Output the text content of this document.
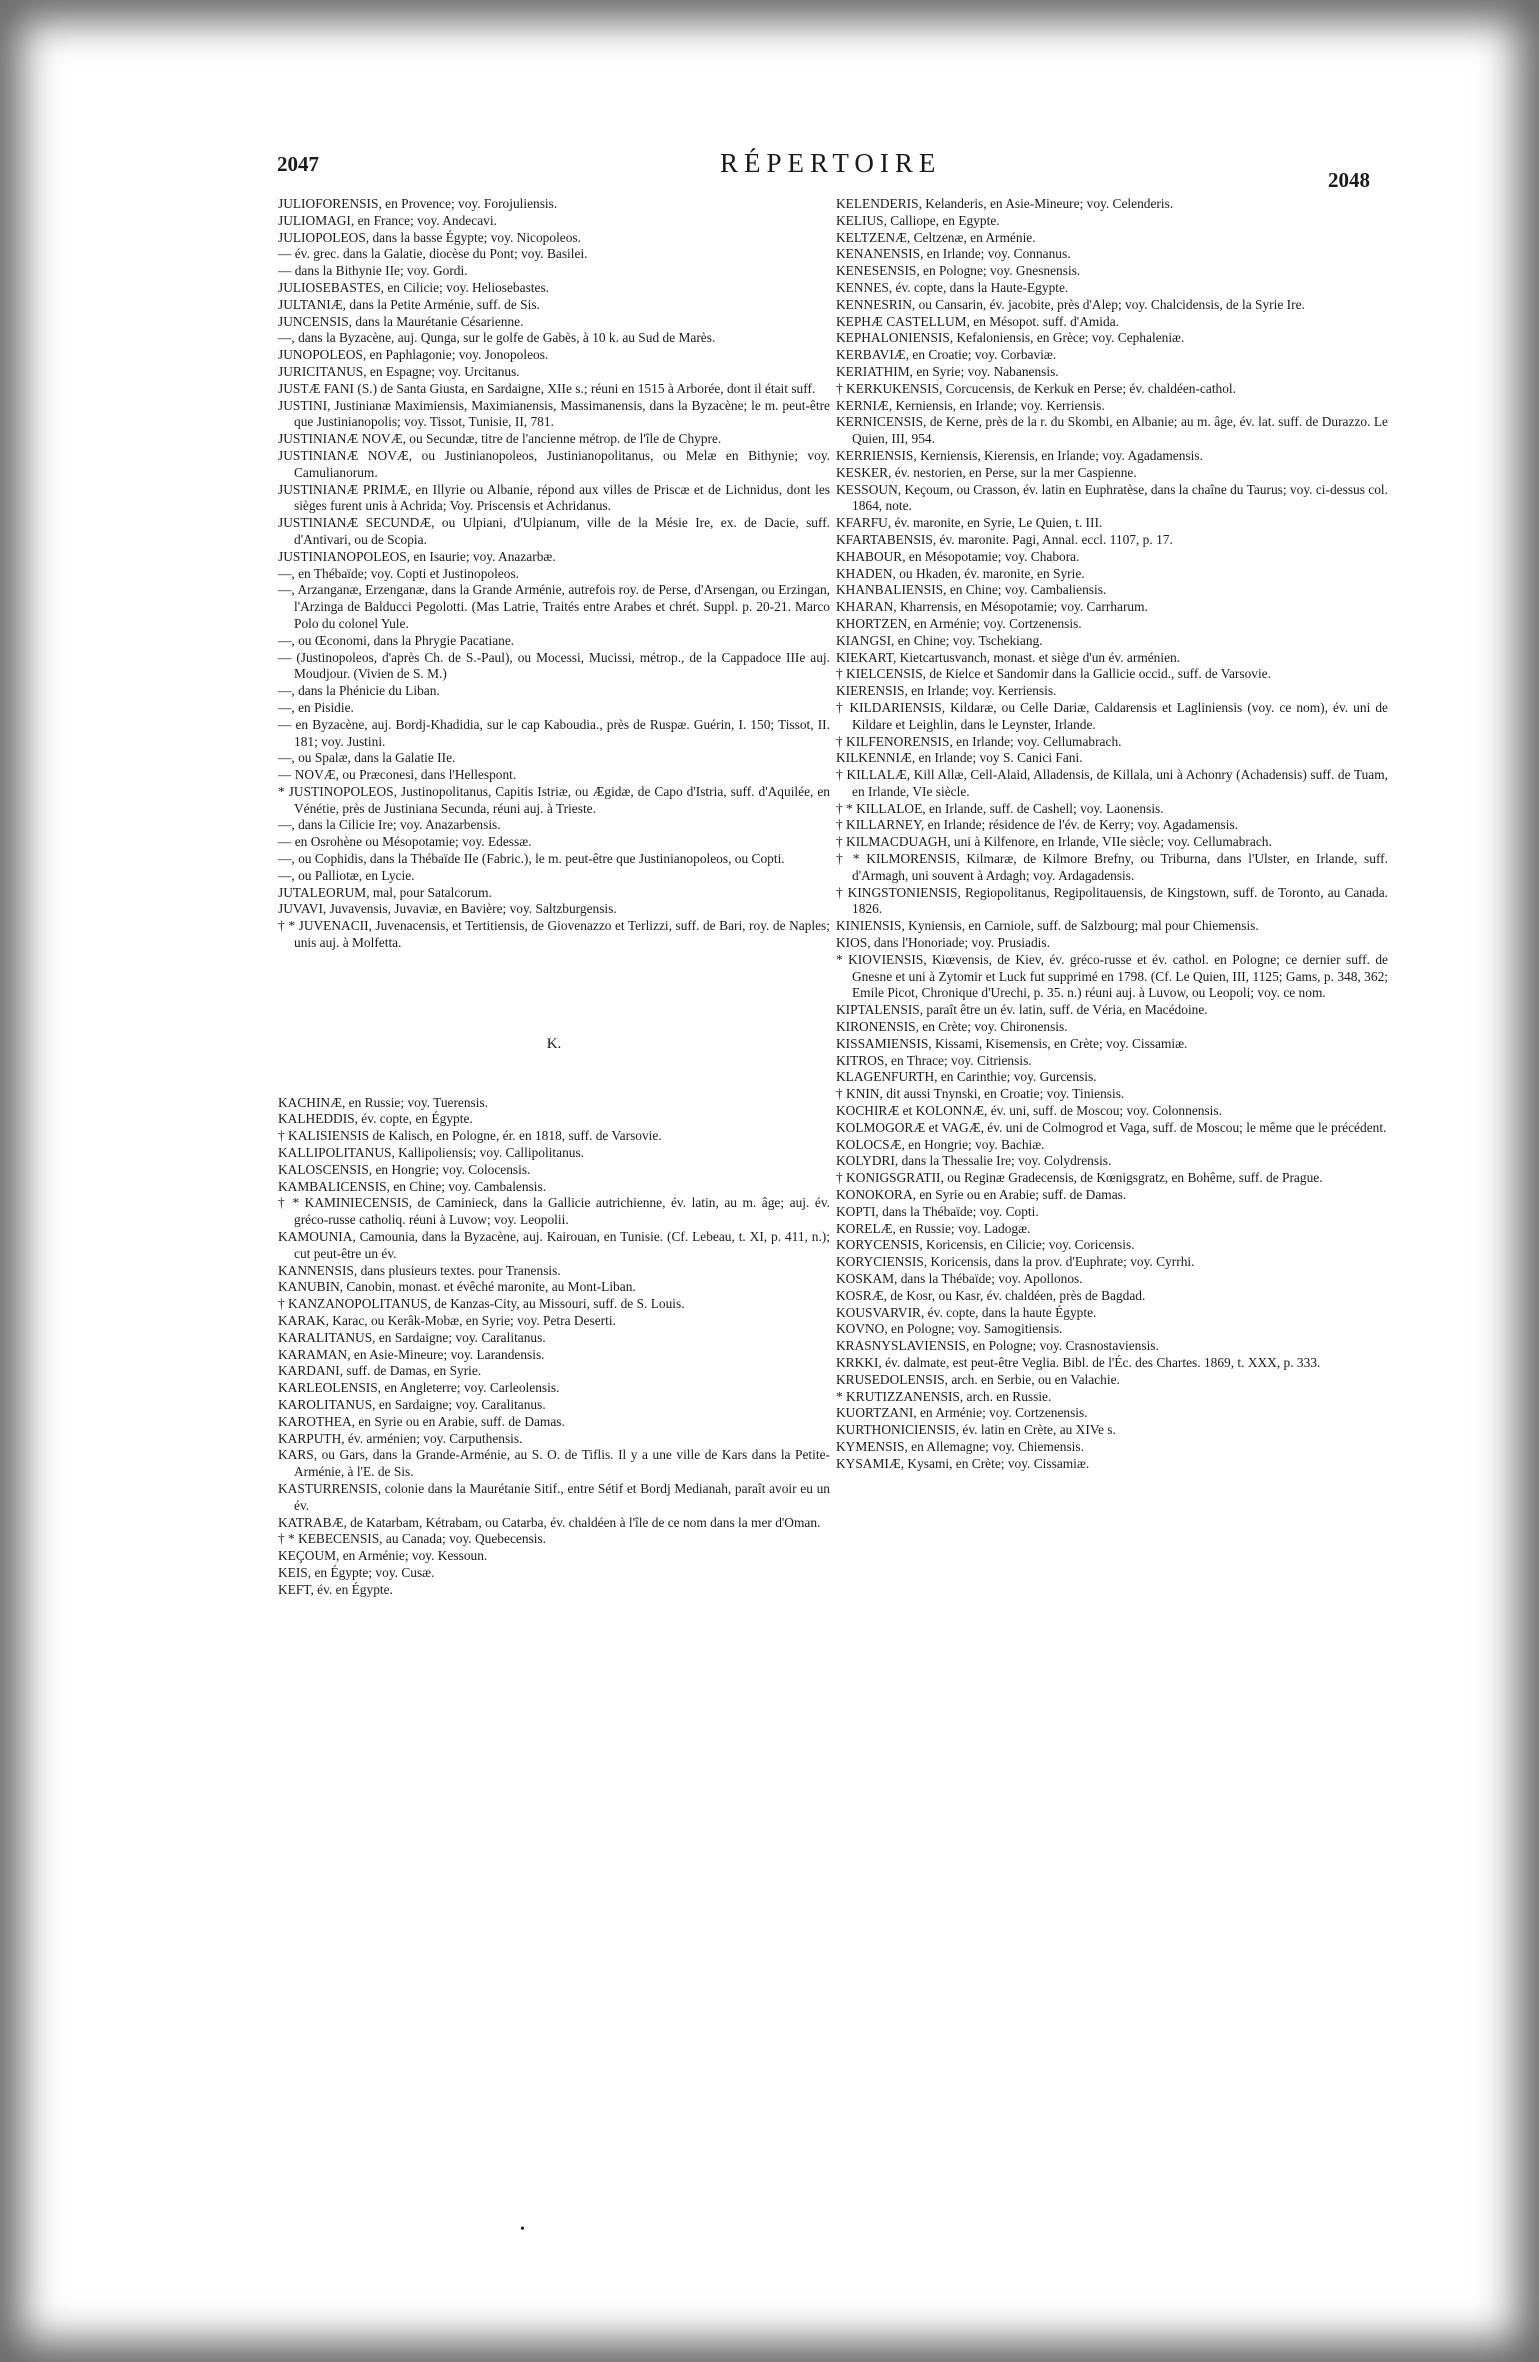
2047	RÉPERTOIRE
2048

JULIOFORENSIS, en Provence; voy. Forojuliensis.

JULIOMAGI, en France; voy. Andecavi.

JULIOPOLEOS, dans la basse Égypte; voy. Nicopoleos.

— év. grec. dans la Galatie, diocèse du Pont; voy. Basilei.

— dans la Bithynie IIe; voy. Gordi.

JULIOSEBASTES, en Cilicie; voy. Heliosebastes.

JULTANIÆ, dans la Petite Arménie, suff. de Sis.

JUNCENSIS, dans la Maurétanie Césarienne.

—, dans la Byzacène, auj. Qunga, sur le golfe de Gabès, à 10 k. au Sud de Marès.

JUNOPOLEOS, en Paphlagonie; voy. Jonopoleos.

JURICITANUS, en Espagne; voy. Urcitanus.

JUSTÆ FANI (S.) de Santa Giusta, en Sardaigne, XIIe s.; réuni en 1515 à Arborée, dont il était suff.

JUSTINI, Justinianæ Maximiensis, Maximianensis, Massimanensis, dans la Byzacène; le m. peut-être que Justinianopolis; voy. Tissot, Tunisie, II, 781.

JUSTINIANÆ NOVÆ, ou Secundæ, titre de l'ancienne métrop. de l'île de Chypre.

JUSTINIANÆ NOVÆ, ou Justinianopoleos, Justinianopolitanus, ou Melæ en Bithynie; voy. Camulianorum.

JUSTINIANÆ PRIMÆ, en Illyrie ou Albanie, répond aux villes de Priscæ et de Lichnidus, dont les sièges furent unis à Achrida; Voy. Priscensis et Achridanus.

JUSTINIANÆ SECUNDÆ, ou Ulpiani, d'Ulpianum, ville de la Mésie Ire, ex. de Dacie, suff. d'Antivari, ou de Scopia.

JUSTINIANOPOLEOS, en Isaurie; voy. Anazarbæ.

—, en Thébaïde; voy. Copti et Justinopoleos.

—, Arzanganæ, Erzenganæ, dans la Grande Arménie, autrefois roy. de Perse, d'Arsengan, ou Erzingan, l'Arzinga de Balducci Pegolotti. (Mas Latrie, Traités entre Arabes et chrét. Suppl. p. 20-21. Marco Polo du colonel Yule.

—, ou Œconomi, dans la Phrygie Pacatiane.

— (Justinopoleos, d'après Ch. de S.-Paul), ou Mocessi, Mucissi, métrop., de la Cappadoce IIIe auj. Moudjour. (Vivien de S. M.)

—, dans la Phénicie du Liban.

—, en Pisidie.

— en Byzacène, auj. Bordj-Khadidia, sur le cap Kaboudia., près de Ruspæ. Guérin, I. 150; Tissot, II. 181; voy. Justini.

—, ou Spalæ, dans la Galatie IIe.

— NOVÆ, ou Præconesi, dans l'Hellespont.

* JUSTINOPOLEOS, Justinopolitanus, Capitis Istriæ, ou Ægidæ, de Capo d'Istria, suff. d'Aquilée, en Vénétie, près de Justiniana Secunda, réuni auj. à Trieste.

—, dans la Cilicie Ire; voy. Anazarbensis.

— en Osrohène ou Mésopotamie; voy. Edessæ.

—, ou Cophidis, dans la Thébaïde IIe (Fabric.), le m. peut-être que Justinianopoleos, ou Copti.

—, ou Palliotæ, en Lycie.

JUTALEORUM, mal, pour Satalcorum.

JUVAVI, Juvavensis, Juvaviæ, en Bavière; voy. Saltzburgensis.

† * JUVENACII, Juvenacensis, et Tertitiensis, de Giovenazzo et Terlizzi, suff. de Bari, roy. de Naples; unis auj. à Molfetta.

K.

KACHINÆ, en Russie; voy. Tuerensis.

KALHEDDIS, év. copte, en Égypte.

† KALISIENSIS de Kalisch, en Pologne, ér. en 1818, suff. de Varsovie.

KALLIPOLITANUS, Kallipoliensis; voy. Callipolitanus.

KALOSCENSIS, en Hongrie; voy. Colocensis.

KAMBALICENSIS, en Chine; voy. Cambalensis.

† * KAMINIECENSIS, de Caminieck, dans la Gallicie autrichienne, év. latin, au m. âge; auj. év. gréco-russe catholiq. réuni à Luvow; voy. Leopolii.

KAMOUNIA, Camounia, dans la Byzacène, auj. Kairouan, en Tunisie. (Cf. Lebeau, t. XI, p. 411, n.); cut peut-être un év.

KANNENSIS, dans plusieurs textes. pour Tranensis.

KANUBIN, Canobin, monast. et évêché maronite, au Mont-Liban.

† KANZANOPOLITANUS, de Kanzas-City, au Missouri, suff. de S. Louis.

KARAK, Karac, ou Kerâk-Mobæ, en Syrie; voy. Petra Deserti.

KARALITANUS, en Sardaigne; voy. Caralitanus.

KARAMAN, en Asie-Mineure; voy. Larandensis.

KARDANI, suff. de Damas, en Syrie.

KARLEOLENSIS, en Angleterre; voy. Carleolensis.

KAROLITANUS, en Sardaigne; voy. Caralitanus.

KAROTHEA, en Syrie ou en Arabie, suff. de Damas.

KARPUTH, év. arménien; voy. Carputhensis.

KARS, ou Gars, dans la Grande-Arménie, au S. O. de Tiflis. Il y a une ville de Kars dans la Petite-Arménie, à l'E. de Sis.

KASTURRENSIS, colonie dans la Maurétanie Sitif., entre Sétif et Bordj Medianah, paraît avoir eu un év.

KATRABÆ, de Katarbam, Kétrabam, ou Catarba, év. chaldéen à l'île de ce nom dans la mer d'Oman.

† * KEBECENSIS, au Canada; voy. Quebecensis.

KEÇOUM, en Arménie; voy. Kessoun.

KEIS, en Égypte; voy. Cusæ.

KEFT, év. en Égypte.

KELENDERIS, Kelanderis, en Asie-Mineure; voy. Celenderis.

KELIUS, Calliope, en Egypte.

KELTZENÆ, Celtzenæ, en Arménie.

KENANENSIS, en Irlande; voy. Connanus.

KENESENSIS, en Pologne; voy. Gnesnensis.

KENNES, év. copte, dans la Haute-Egypte.

KENNESRIN, ou Cansarin, év. jacobite, près d'Alep; voy. Chalcidensis, de la Syrie Ire.

KEPHÆ CASTELLUM, en Mésopot. suff. d'Amida.

KEPHALONIENSIS, Kefaloniensis, en Grèce; voy. Cephaleniæ.

KERBAVIÆ, en Croatie; voy. Corbaviæ.

KERIATHIM, en Syrie; voy. Nabanensis.

† KERKUKENSIS, Corcucensis, de Kerkuk en Perse; év. chaldéen-cathol.

KERNIÆ, Kerniensis, en Irlande; voy. Kerriensis.

KERNICENSIS, de Kerne, près de la r. du Skombi, en Albanie; au m. âge, év. lat. suff. de Durazzo. Le Quien, III, 954.

KERRIENSIS, Kerniensis, Kierensis, en Irlande; voy. Agadamensis.

KESKER, év. nestorien, en Perse, sur la mer Caspienne.

KESSOUN, Keçoum, ou Crasson, év. latin en Euphratèse, dans la chaîne du Taurus; voy. ci-dessus col. 1864, note.

KFARFU, év. maronite, en Syrie, Le Quien, t. III.

KFARTABENSIS, év. maronite. Pagi, Annal. eccl. 1107, p. 17.

KHABOUR, en Mésopotamie; voy. Chabora.

KHADEN, ou Hkaden, év. maronite, en Syrie.

KHANBALIENSIS, en Chine; voy. Cambaliensis.

KHARAN, Kharrensis, en Mésopotamie; voy. Carrharum.

KHORTZEN, en Arménie; voy. Cortzenensis.

KIANGSI, en Chine; voy. Tschekiang.

KIEKART, Kietcartusvanch, monast. et siège d'un év. arménien.

† KIELCENSIS, de Kielce et Sandomir dans la Gallicie occid., suff. de Varsovie.

KIERENSIS, en Irlande; voy. Kerriensis.

† KILDARIENSIS, Kildaræ, ou Celle Dariæ, Caldarensis et Lagliniensis (voy. ce nom), év. uni de Kildare et Leighlin, dans le Leynster, Irlande.

† KILFENORENSIS, en Irlande; voy. Cellumabrach.

KILKENNIÆ, en Irlande; voy S. Canici Fani.

† KILLALÆ, Kill Allæ, Cell-Alaid, Alladensis, de Killala, uni à Achonry (Achadensis) suff. de Tuam, en Irlande, VIe siècle.

† * KILLALOE, en Irlande, suff. de Cashell; voy. Laonensis.

† KILLARNEY, en Irlande; résidence de l'év. de Kerry; voy. Agadamensis.

† KILMACDUAGH, uni à Kilfenore, en Irlande, VIIe siècle; voy. Cellumabrach.

† * KILMORENSIS, Kilmaræ, de Kilmore Brefny, ou Triburna, dans l'Ulster, en Irlande, suff. d'Armagh, uni souvent à Ardagh; voy. Ardagadensis.

† KINGSTONIENSIS, Regiopolitanus, Regipolitauensis, de Kingstown, suff. de Toronto, au Canada. 1826.

KINIENSIS, Kyniensis, en Carniole, suff. de Salzbourg; mal pour Chiemensis.

KIOS, dans l'Honoriade; voy. Prusiadis.

* KIOVIENSIS, Kiœvensis, de Kiev, év. gréco-russe et év. cathol. en Pologne; ce dernier suff. de Gnesne et uni à Zytomir et Luck fut supprimé en 1798. (Cf. Le Quien, III, 1125; Gams, p. 348, 362; Emile Picot, Chronique d'Urechi, p. 35. n.) réuni auj. à Luvow, ou Leopoli; voy. ce nom.

KIPTALENSIS, paraît être un év. latin, suff. de Véria, en Macédoine.

KIRONENSIS, en Crète; voy. Chironensis.

KISSAMIENSIS, Kissami, Kisemensis, en Crète; voy. Cissamiæ.

KITROS, en Thrace; voy. Citriensis.

KLAGENFURTH, en Carinthie; voy. Gurcensis.

† KNIN, dit aussi Tnynski, en Croatie; voy. Tiniensis.

KOCHIRÆ et KOLONNÆ, év. uni, suff. de Moscou; voy. Colonnensis.

KOLMOGORÆ et VAGÆ, év. uni de Colmogrod et Vaga, suff. de Moscou; le même que le précédent.

KOLOCSÆ, en Hongrie; voy. Bachiæ.

KOLYDRI, dans la Thessalie Ire; voy. Colydrensis.

† KONIGSGRATII, ou Reginæ Gradecensis, de Kœnigsgratz, en Bohême, suff. de Prague.

KONOKORA, en Syrie ou en Arabie; suff. de Damas.

KOPTI, dans la Thébaïde; voy. Copti.

KORELÆ, en Russie; voy. Ladogæ.

KORYCENSIS, Koricensis, en Cilicie; voy. Coricensis.

KORYCIENSIS, Koricensis, dans la prov. d'Euphrate; voy. Cyrrhi.

KOSKAM, dans la Thébaïde; voy. Apollonos.

KOSRÆ, de Kosr, ou Kasr, év. chaldéen, près de Bagdad.

KOUSVARVIR, év. copte, dans la haute Égypte.

KOVNO, en Pologne; voy. Samogitiensis.

KRASNYSLAVIENSIS, en Pologne; voy. Crasnostaviensis.

KRKKI, év. dalmate, est peut-être Veglia. Bibl. de l'Éc. des Chartes. 1869, t. XXX, p. 333.

KRUSEDOLENSIS, arch. en Serbie, ou en Valachie.

* KRUTIZZANENSIS, arch. en Russie.

KUORTZANI, en Arménie; voy. Cortzenensis.

KURTHONICIENSIS, év. latin en Crète, au XIVe s.

KYMENSIS, en Allemagne; voy. Chiemensis.

KYSAMIÆ, Kysami, en Crète; voy. Cissamiæ.

•
